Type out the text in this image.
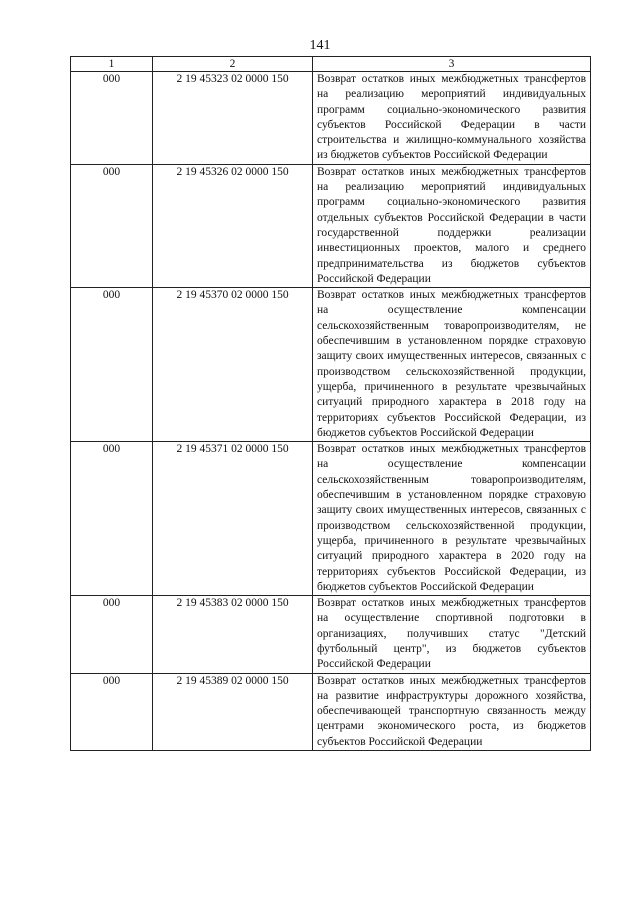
141
1	2	3
000	2 19 45323 02 0000 150	Возврат остатков иных межбюджетных трансфертов на реализацию мероприятий индивидуальных программ социально-экономического развития субъектов Российской Федерации в части строительства и жилищно-коммунального хозяйства из бюджетов субъектов Российской Федерации
000	2 19 45326 02 0000 150	Возврат остатков иных межбюджетных трансфертов на реализацию мероприятий индивидуальных программ социально-экономического развития отдельных субъектов Российской Федерации в части государственной поддержки реализации инвестиционных проектов, малого и среднего предпринимательства из бюджетов субъектов Российской Федерации
000	2 19 45370 02 0000 150	Возврат остатков иных межбюджетных трансфертов на осуществление компенсации сельскохозяйственным товаропроизводителям, не обеспечившим в установленном порядке страховую защиту своих имущественных интересов, связанных с производством сельскохозяйственной продукции, ущерба, причиненного в результате чрезвычайных ситуаций природного характера в 2018 году на территориях субъектов Российской Федерации, из бюджетов субъектов Российской Федерации
000	2 19 45371 02 0000 150	Возврат остатков иных межбюджетных трансфертов на осуществление компенсации сельскохозяйственным товаропроизводителям, обеспечившим в установленном порядке страховую защиту своих имущественных интересов, связанных с производством сельскохозяйственной продукции, ущерба, причиненного в результате чрезвычайных ситуаций природного характера в 2020 году на территориях субъектов Российской Федерации, из бюджетов субъектов Российской Федерации
000	2 19 45383 02 0000 150	Возврат остатков иных межбюджетных трансфертов на осуществление спортивной подготовки в организациях, получивших статус "Детский футбольный центр", из бюджетов субъектов Российской Федерации
000	2 19 45389 02 0000 150	Возврат остатков иных межбюджетных трансфертов на развитие инфраструктуры дорожного хозяйства, обеспечивающей транспортную связанность между центрами экономического роста, из бюджетов субъектов Российской Федерации
